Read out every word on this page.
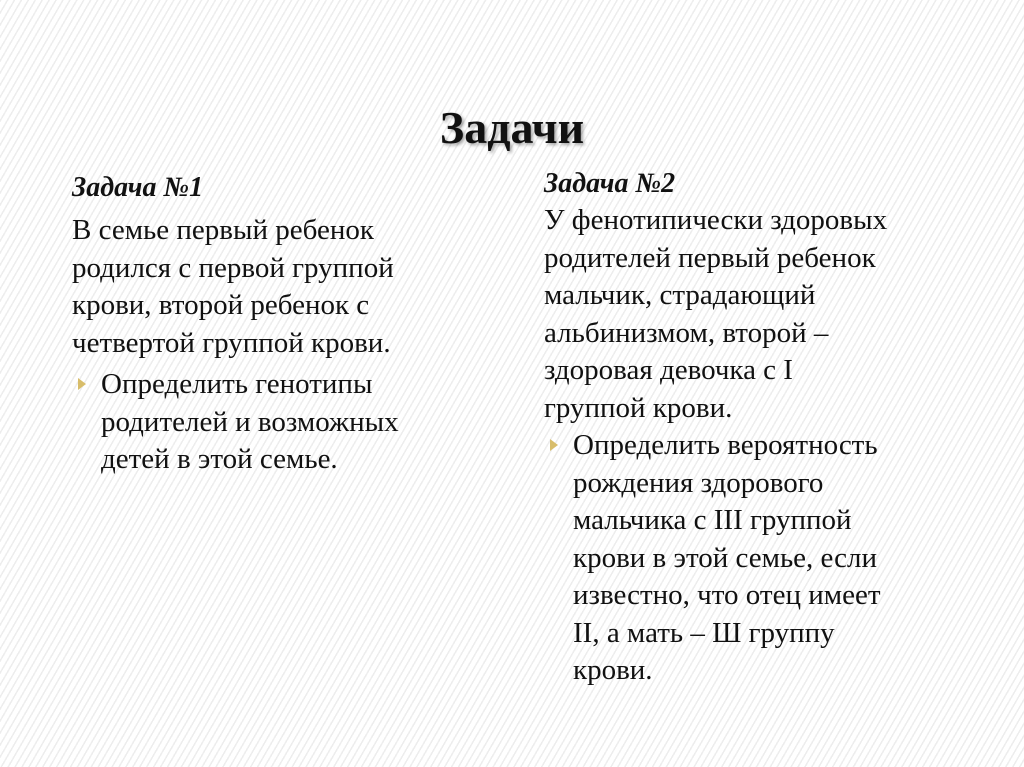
Задачи

Задача №1

В семье первый ребенок
родился с первой группой
крови, второй ребенок с
четвертой группой крови.

Определить генотипы
родителей и возможных
детей в этой семье.

Задача №2

У фенотипически здоровых
родителей первый ребенок
мальчик, страдающий
альбинизмом, второй –
здоровая девочка с I
группой крови.

Определить вероятность
рождения здорового
мальчика с III группой
крови в этой семье, если
известно, что отец имеет
II, а мать – Ш группу
крови.
